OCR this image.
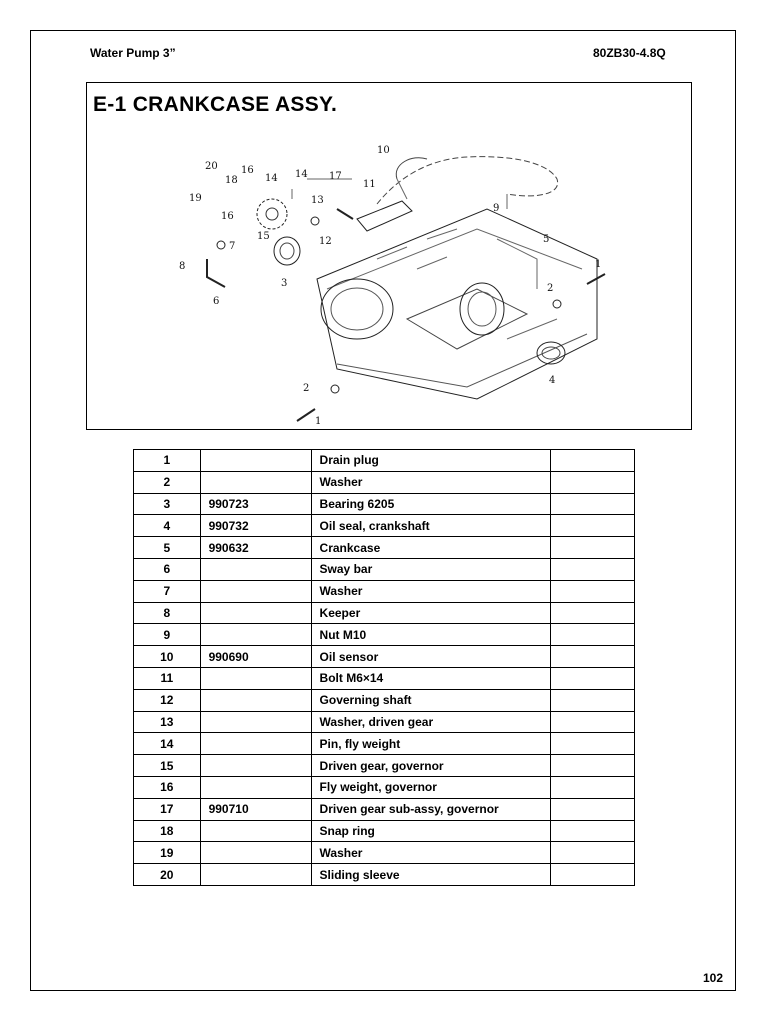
Water Pump 3”	80ZB30-4.8Q
E-1 CRANKCASE ASSY.
1
2
1
2
3
4
5
6
7
8
9
10
11
12
13
14 14
15
16
16
17
18
19
20
1		Drain plug	
2		Washer	
3	990723	Bearing 6205	
4	990732	Oil seal, crankshaft	
5	990632	Crankcase	
6		Sway bar	
7		Washer	
8		Keeper	
9		Nut M10	
10	990690	Oil sensor	
11		Bolt M6×14	
12		Governing shaft	
13		Washer, driven gear	
14		Pin, fly weight	
15		Driven gear, governor	
16		Fly weight, governor	
17	990710	Driven gear sub-assy, governor	
18		Snap ring	
19		Washer	
20		Sliding sleeve	
102
